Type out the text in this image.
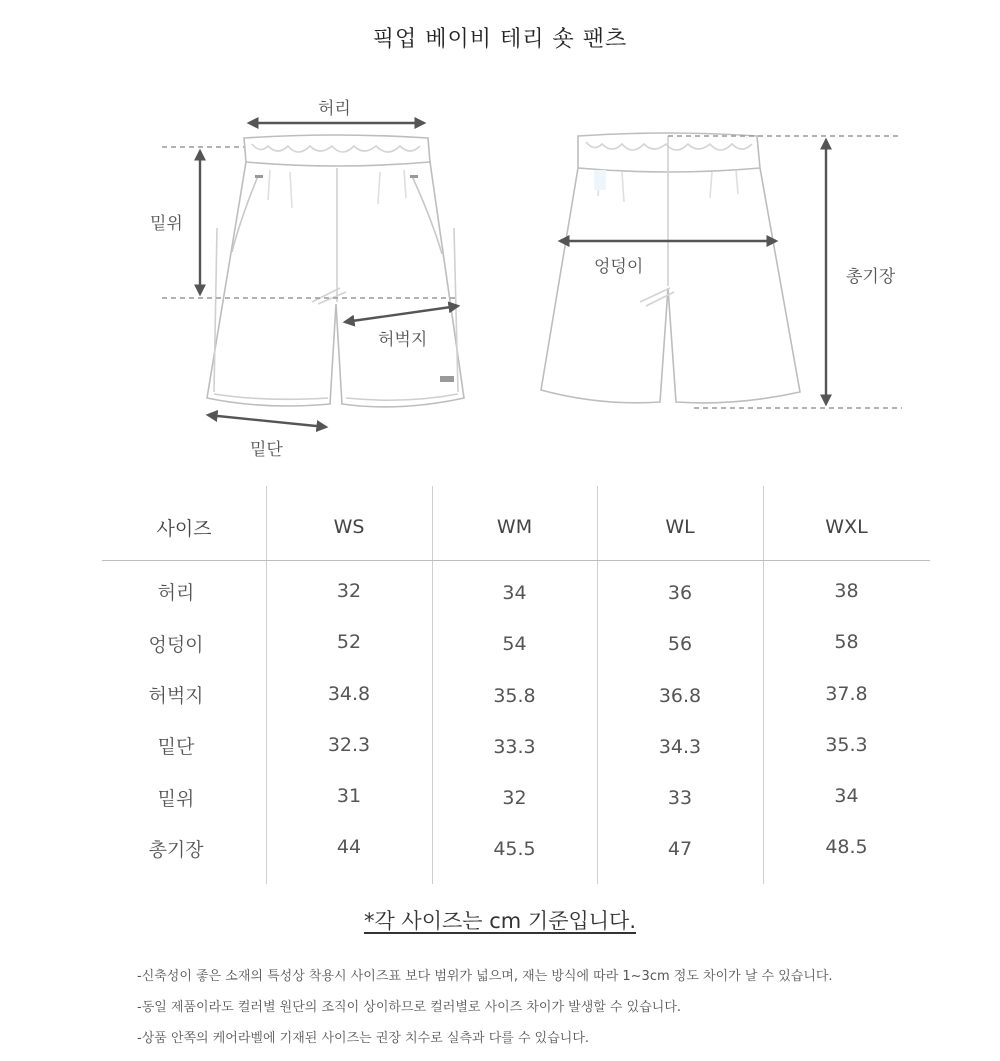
픽업 베이비 테리 숏 팬츠
허리
밑위
허벅지
밑단
엉덩이	총기장
사이즈	WS	WM	WL	WXL
허리	32	34	36	38
엉덩이	52	54	56	58
허벅지	34.8	35.8	36.8	37.8
밑단	32.3	33.3	34.3	35.3
밑위	31	32	33	34
총기장	44	45.5	47	48.5
*각 사이즈는 cm 기준입니다.
-신축성이 좋은 소재의 특성상 착용시 사이즈표 보다 범위가 넓으며, 재는 방식에 따라 1~3cm 정도 차이가 날 수 있습니다.
-동일 제품이라도 컬러별 원단의 조직이 상이하므로 컬러별로 사이즈 차이가 발생할 수 있습니다.
-상품 안쪽의 케어라벨에 기재된 사이즈는 권장 치수로 실측과 다를 수 있습니다.
